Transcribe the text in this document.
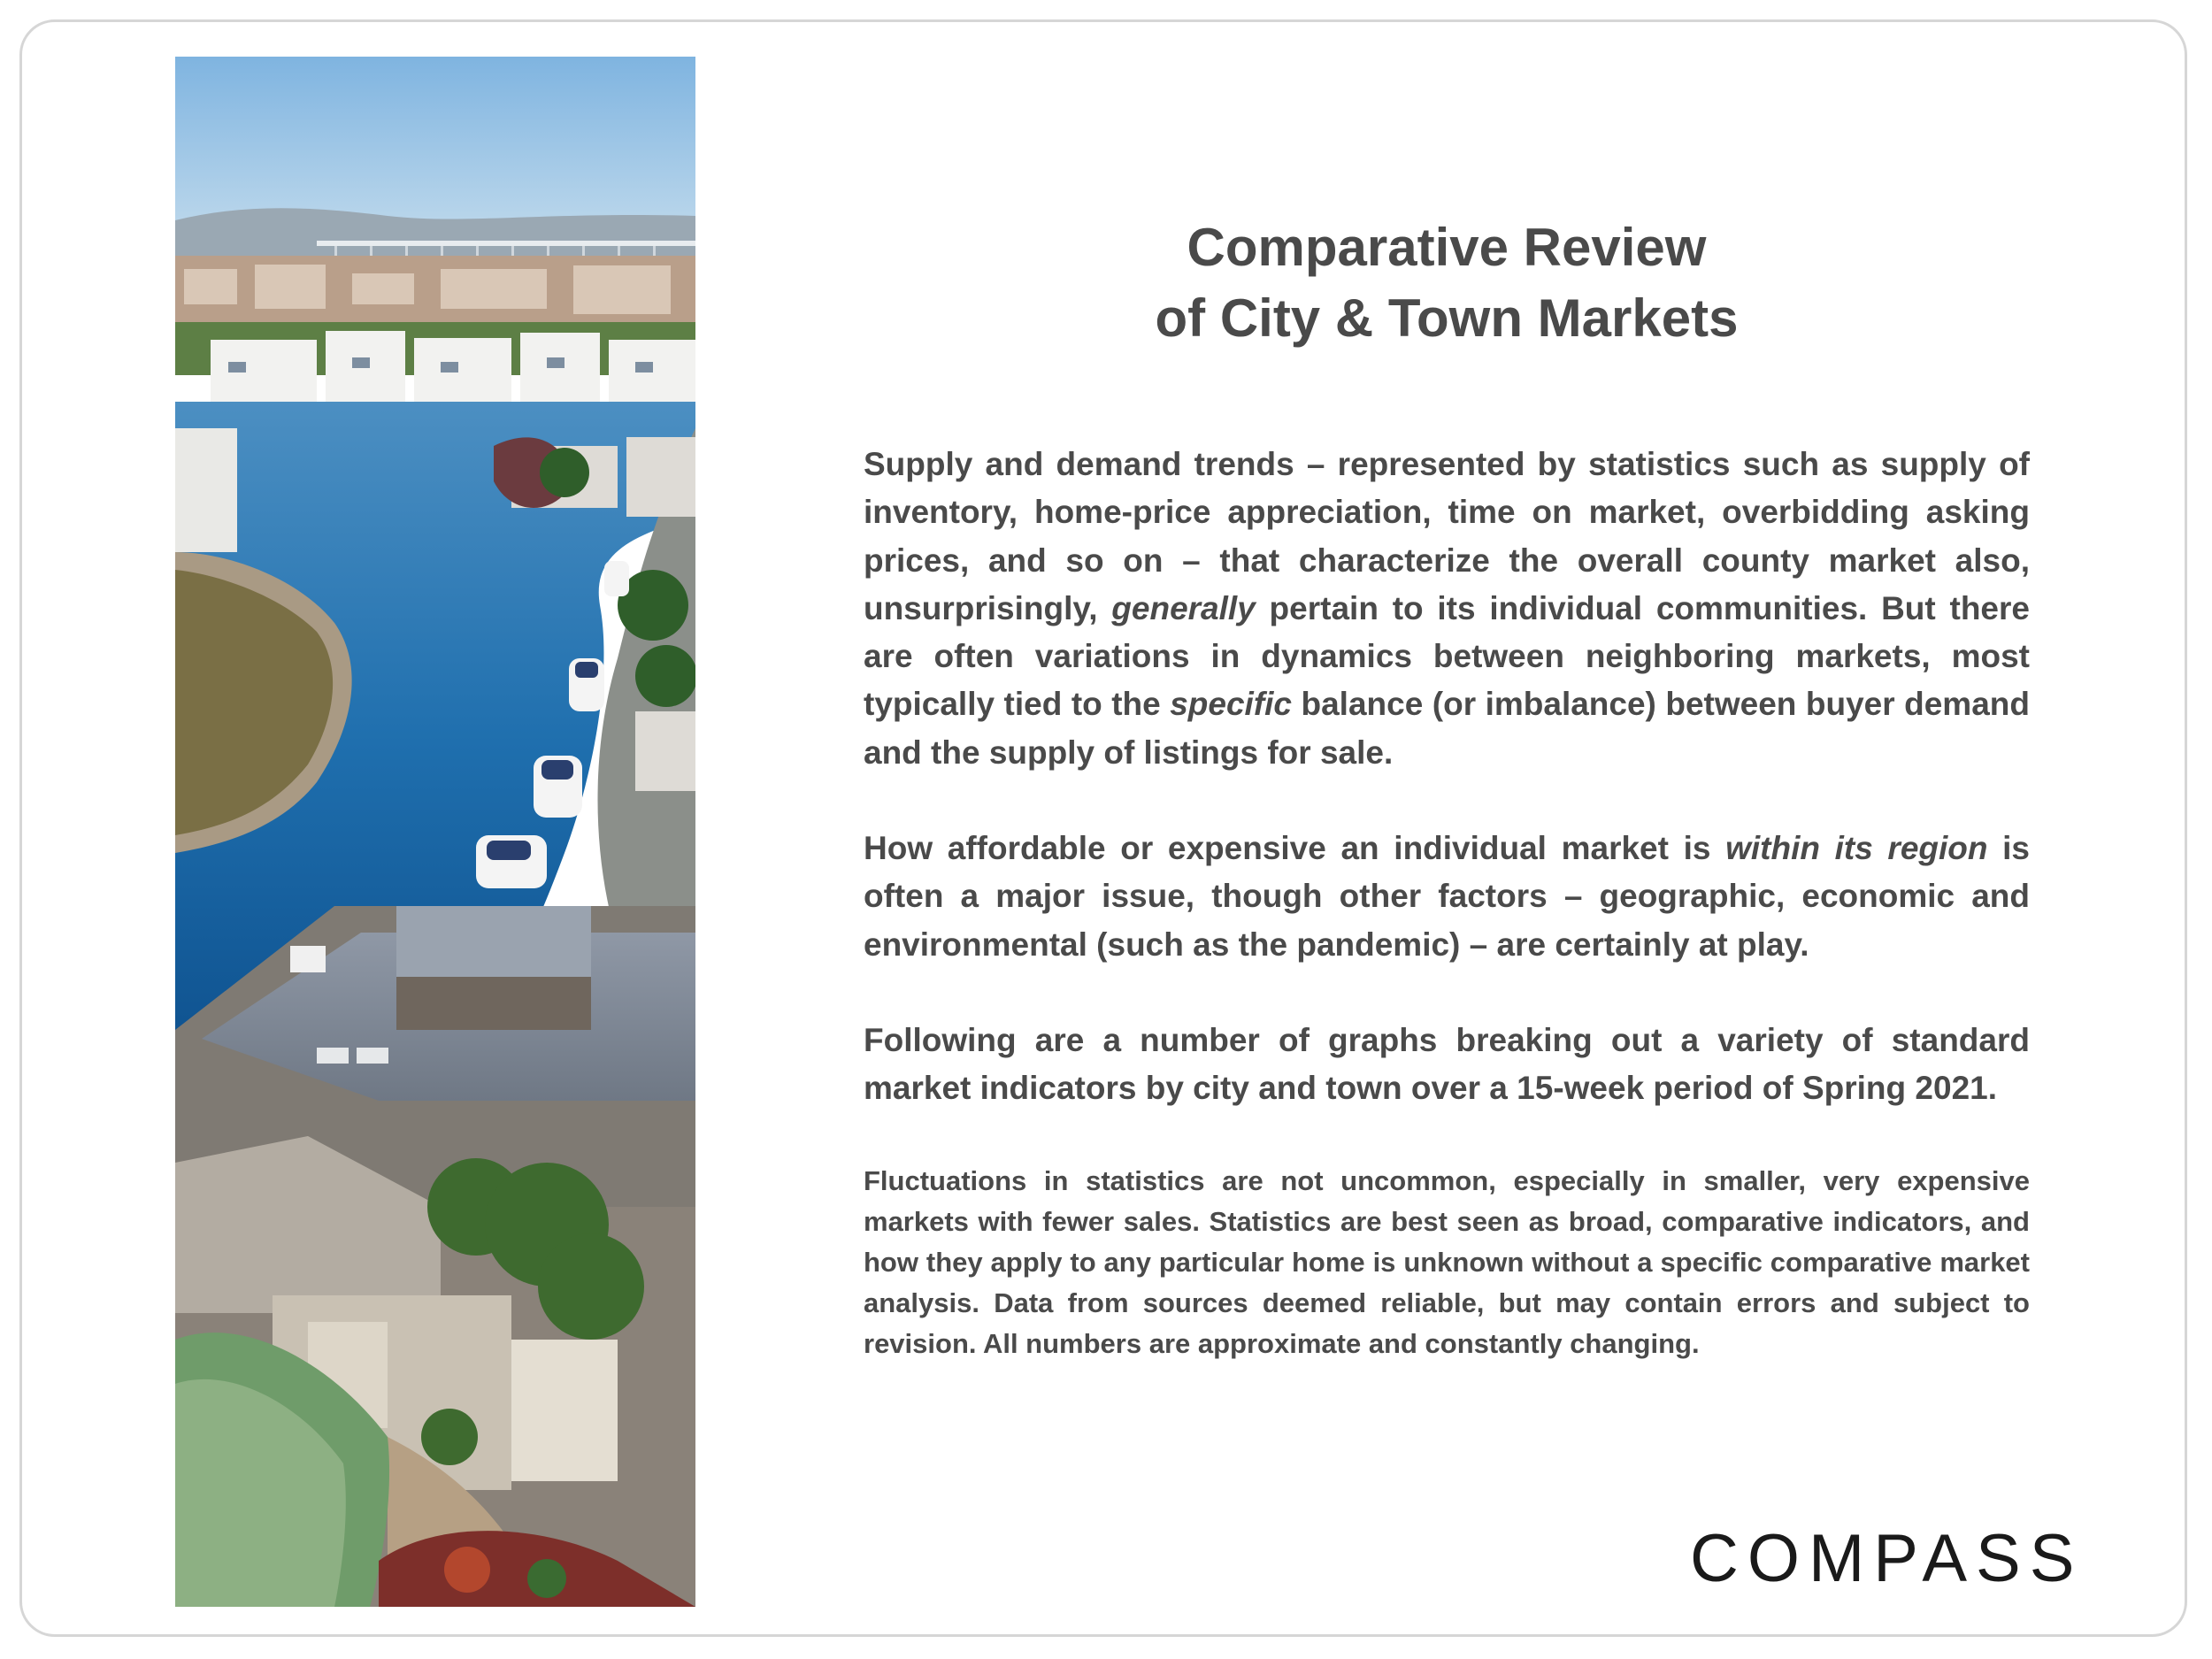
Comparative Review
of City & Town Markets

Supply and demand trends – represented by statistics such as supply of inventory, home-price appreciation, time on market, overbidding asking prices, and so on – that characterize the overall county market also, unsurprisingly, generally pertain to its individual communities. But there are often variations in dynamics between neighboring markets, most typically tied to the specific balance (or imbalance) between buyer demand and the supply of listings for sale.

How affordable or expensive an individual market is within its region is often a major issue, though other factors – geographic, economic and environmental (such as the pandemic) – are certainly at play.

Following are a number of graphs breaking out a variety of standard market indicators by city and town over a 15-week period of Spring 2021.

Fluctuations in statistics are not uncommon, especially in smaller, very expensive markets with fewer sales. Statistics are best seen as broad, comparative indicators, and how they apply to any particular home is unknown without a specific comparative market analysis. Data from sources deemed reliable, but may contain errors and subject to revision. All numbers are approximate and constantly changing.
COMPASS
